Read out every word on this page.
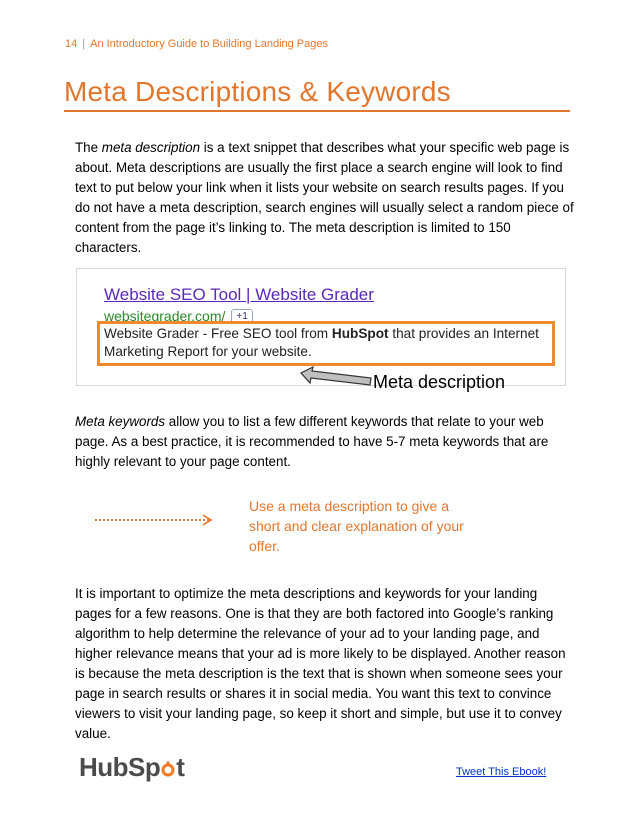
14 | An Introductory Guide to Building Landing Pages
Meta Descriptions & Keywords
The meta description is a text snippet that describes what your specific web page is about. Meta descriptions are usually the first place a search engine will look to find text to put below your link when it lists your website on search results pages. If you do not have a meta description, search engines will usually select a random piece of content from the page it’s linking to. The meta description is limited to 150 characters.
Website SEO Tool | Website Grader
websitegrader.com/ +1
Website Grader - Free SEO tool from HubSpot that provides an Internet Marketing Report for your website.
Meta description
Meta keywords allow you to list a few different keywords that relate to your web page. As a best practice, it is recommended to have 5-7 meta keywords that are highly relevant to your page content.
Use a meta description to give a short and clear explanation of your offer.
It is important to optimize the meta descriptions and keywords for your landing pages for a few reasons. One is that they are both factored into Google’s ranking algorithm to help determine the relevance of your ad to your landing page, and higher relevance means that your ad is more likely to be displayed. Another reason is because the meta description is the text that is shown when someone sees your page in search results or shares it in social media. You want this text to convince viewers to visit your landing page, so keep it short and simple, but use it to convey value.
HubSp t	Tweet This Ebook!
